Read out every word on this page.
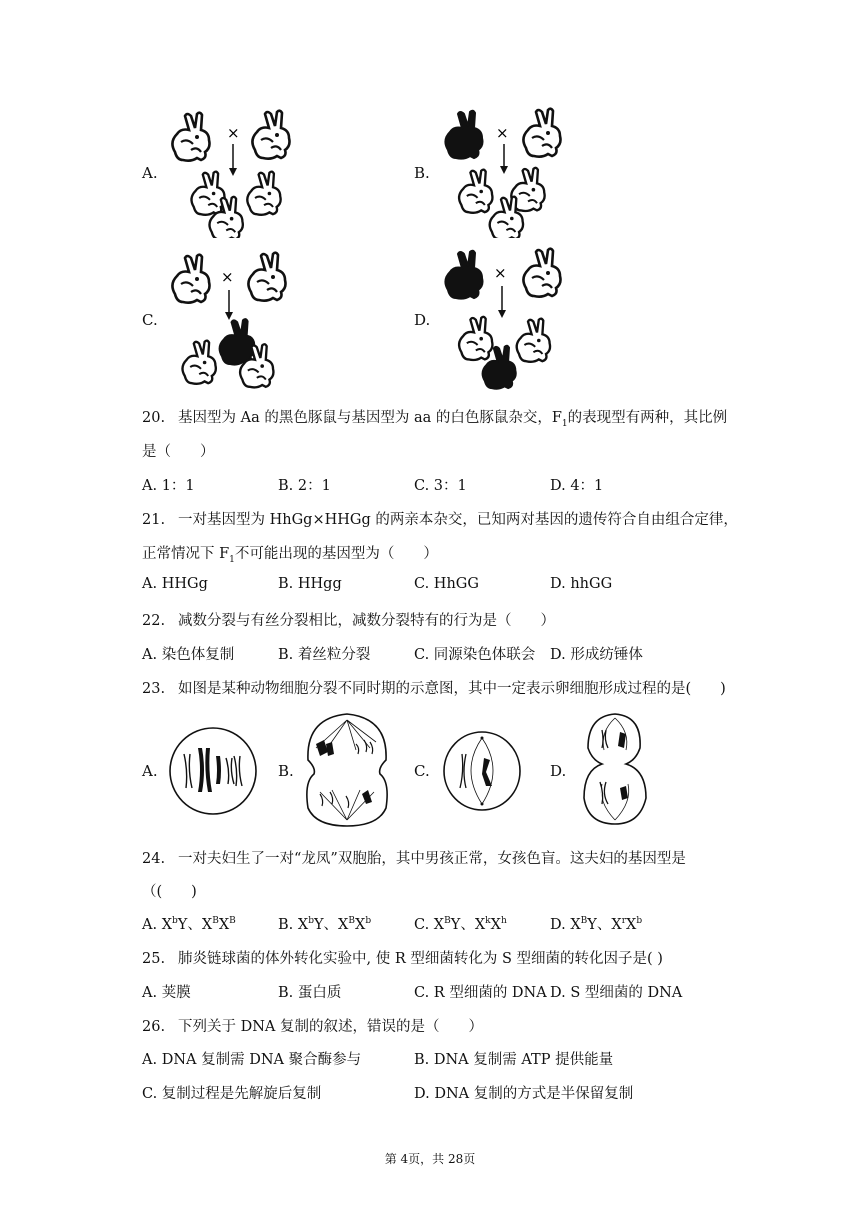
A.	B.
C.	D.
×	×
×	×
20. 基因型为 Aa 的黑色豚鼠与基因型为 aa 的白色豚鼠杂交，$F_1$的表现型有两种，其比例
是（　　）
A. 1：1	B. 2：1	C. 3：1	D. 4：1
21. 一对基因型为 HhGg×HHGg 的两亲本杂交，已知两对基因的遗传符合自由组合定律，
正常情况下 $F_1$不可能出现的基因型为（　　）
A. HHGg	B. HHgg	C. HhGG	D. hhGG
22. 减数分裂与有丝分裂相比，减数分裂特有的行为是（　　）
A. 染色体复制	B. 着丝粒分裂	C. 同源染色体联会 D. 形成纺锤体
23. 如图是某种动物细胞分裂不同时期的示意图，其中一定表示卵细胞形成过程的是(　　)
A.	B.	C.	D.
24. 一对夫妇生了一对“龙凤”双胞胎，其中男孩正常，女孩色盲。这夫妇的基因型是
（(　　)
A. $X^bY$、$X^BX^B$	B. $X^bY$、$X^BX^b$	C. $X^BY$、$X^kX^h$	D. $X^BY$、$X^rX^b$
25. 肺炎链球菌的体外转化实验中, 使 R 型细菌转化为 S 型细菌的转化因子是( )
A. 荚膜	B. 蛋白质	C. R 型细菌的 DNA D. S 型细菌的 DNA
26. 下列关于 DNA 复制的叙述，错误的是（　　）
A. DNA 复制需 DNA 聚合酶参与	B. DNA 复制需 ATP 提供能量
C. 复制过程是先解旋后复制	D. DNA 复制的方式是半保留复制
第 4页，共 28页
